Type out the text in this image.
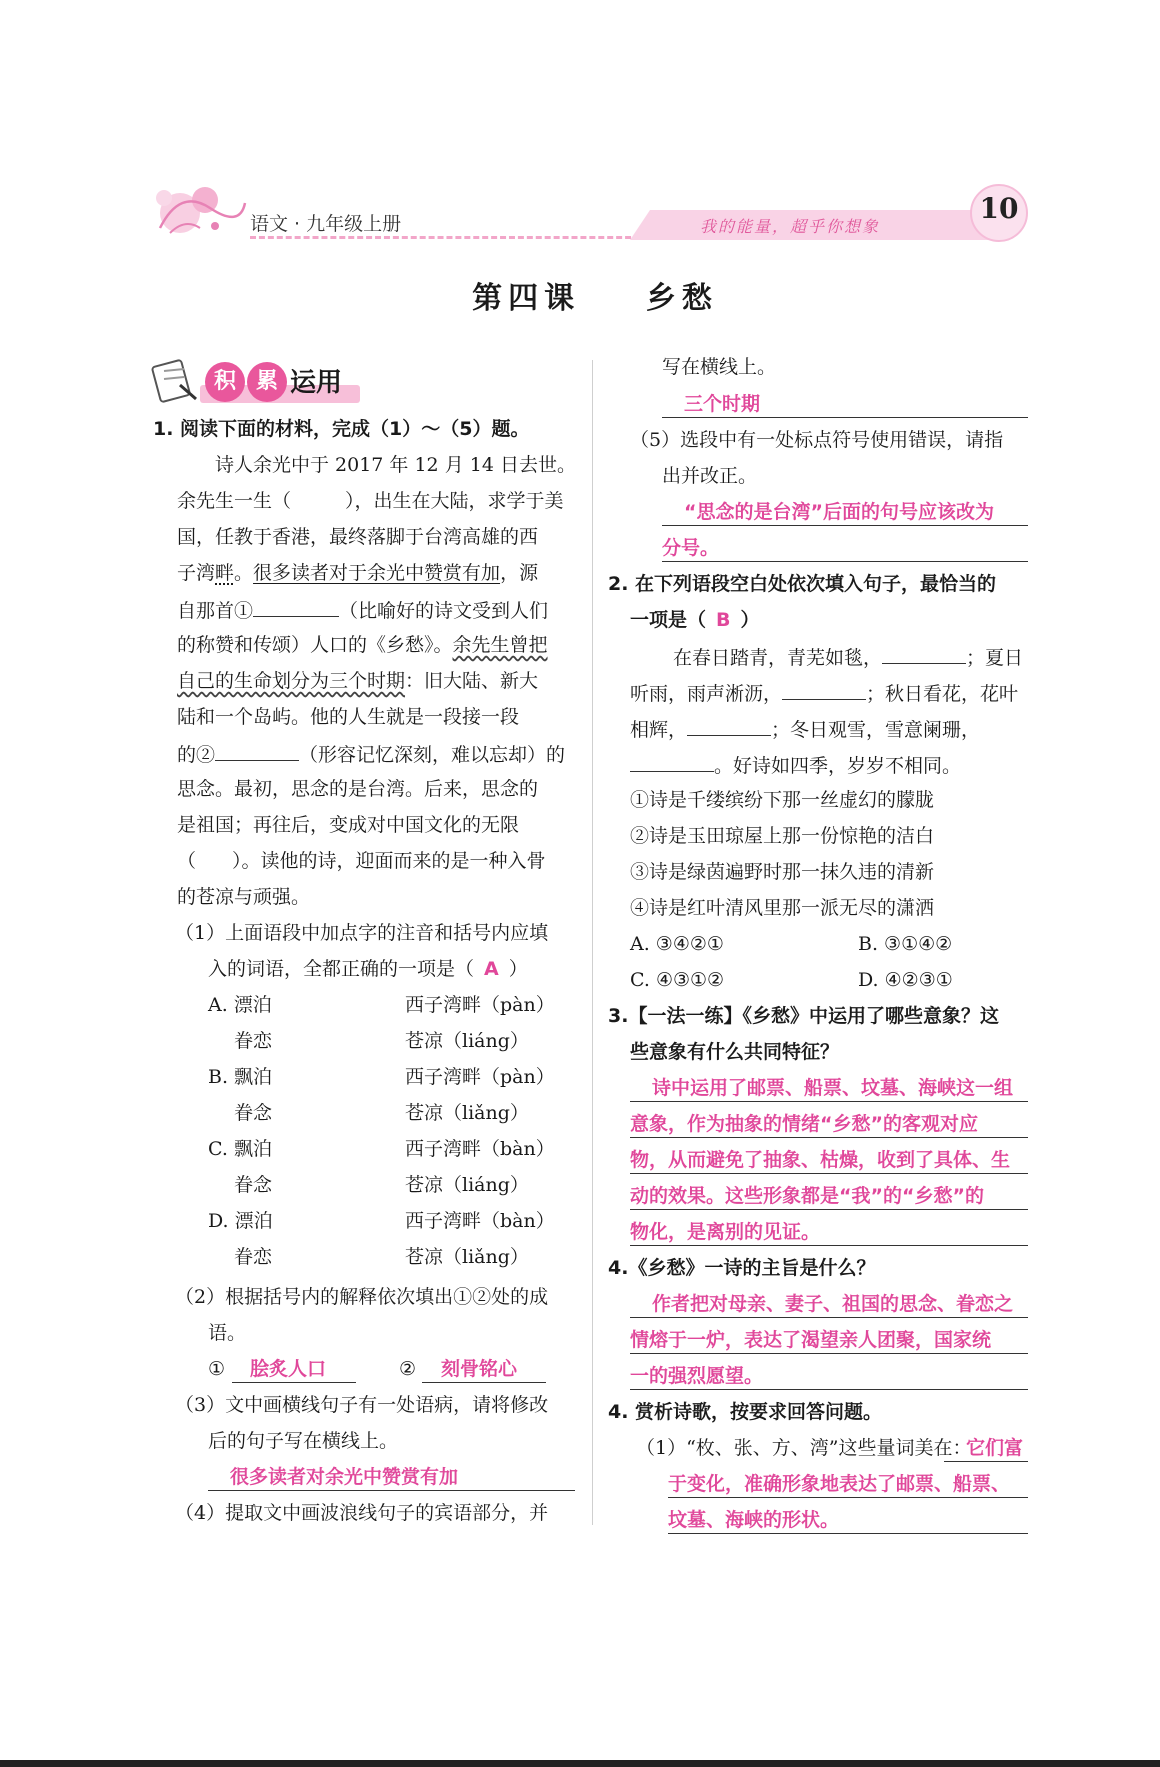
语文 · 九年级上册	我的能量，超乎你想象
10
第四课    乡愁
积 累 运用
1. 阅读下面的材料，完成（1）～（5）题。
诗人余光中于 2017 年 12 月 14 日去世。
余先生一生（	），出生在大陆，求学于美
国，任教于香港，最终落脚于台湾高雄的西
子湾畔。很多读者对于余光中赞赏有加，源
自那首①	（比喻好的诗文受到人们
的称赞和传颂）人口的《乡愁》。余先生曾把
自己的生命划分为三个时期：旧大陆、新大
陆和一个岛屿。他的人生就是一段接一段
的②	（形容记忆深刻，难以忘却）的
思念。最初，思念的是台湾。后来，思念的
是祖国；再往后，变成对中国文化的无限
（ ）。读他的诗，迎面而来的是一种入骨
的苍凉与顽强。
（1）上面语段中加点字的注音和括号内应填
入的词语，全都正确的一项是（ A ）
A. 漂泊	西子湾畔（pàn）
眷恋	苍凉（liáng）
B. 飘泊	西子湾畔（pàn）
眷念	苍凉（liǎng）
C. 飘泊	西子湾畔（bàn）
眷念	苍凉（liáng）
D. 漂泊	西子湾畔（bàn）
眷恋	苍凉（liǎng）
（2）根据括号内的解释依次填出①②处的成
语。
① 脍炙人口	② 刻骨铭心
（3）文中画横线句子有一处语病，请将修改
后的句子写在横线上。
很多读者对余光中赞赏有加
（4）提取文中画波浪线句子的宾语部分，并
写在横线上。
三个时期
（5）选段中有一处标点符号使用错误，请指
出并改正。
“思念的是台湾”后面的句号应该改为
分号。
2. 在下列语段空白处依次填入句子，最恰当的
一项是（ B ）
在春日踏青，青芜如毯，	；夏日
听雨，雨声淅沥，	；秋日看花，花叶
相辉，	；冬日观雪，雪意阑珊，
。好诗如四季，岁岁不相同。
①诗是千缕缤纷下那一丝虚幻的朦胧
②诗是玉田琼屋上那一份惊艳的洁白
③诗是绿茵遍野时那一抹久违的清新
④诗是红叶清风里那一派无尽的潇洒
A. ③④②①	B. ③①④②
C. ④③①②	D. ④②③①
3.【一法一练】《乡愁》中运用了哪些意象？这
些意象有什么共同特征？
诗中运用了邮票、船票、坟墓、海峡这一组
意象，作为抽象的情绪“乡愁”的客观对应
物，从而避免了抽象、枯燥，收到了具体、生
动的效果。这些形象都是“我”的“乡愁”的
物化，是离别的见证。
4.《乡愁》一诗的主旨是什么？
作者把对母亲、妻子、祖国的思念、眷恋之
情熔于一炉，表达了渴望亲人团聚，国家统
一的强烈愿望。
4. 赏析诗歌，按要求回答问题。
（1）“枚、张、方、湾”这些量词美在：
它们富
于变化，准确形象地表达了邮票、船票、
坟墓、海峡的形状。
